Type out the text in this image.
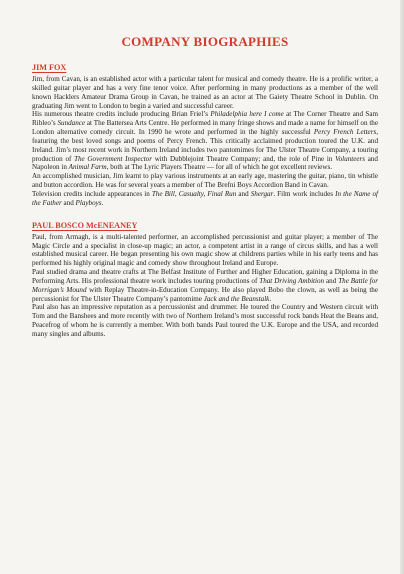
COMPANY BIOGRAPHIES
JIM FOX

Jim, from Cavan, is an established actor with a particular talent for musical and comedy theatre. He is a prolific writer, a skilled guitar player and has a very fine tenor voice. After performing in many productions as a member of the well known Hacklers Amateur Drama Group in Cavan, he trained as an actor at The Gaiety Theatre School in Dublin. On graduating Jim went to London to begin a varied and successful career.

His numerous theatre credits include producing Brian Friel’s Philadelphia here I come at The Corner Theatre and Sam Ribleo’s Sundance at The Battersea Arts Centre. He performed in many fringe shows and made a name for himself on the London alternative comedy circuit. In 1990 he wrote and performed in the highly successful Percy French Letters, featuring the best loved songs and poems of Percy French. This critically acclaimed production toured the U.K. and Ireland. Jim’s most recent work in Northern Ireland includes two pantomimes for The Ulster Theatre Company, a touring production of The Government Inspector with Dubblejoint Theatre Company; and, the role of Pine in Volunteers and Napoleon in Animal Farm, both at The Lyric Players Theatre — for all of which he got excellent reviews.

An accomplished musician, Jim learnt to play various instruments at an early age, mastering the guitar, piano, tin whistle and button accordion. He was for several years a member of The Brefni Boys Accordion Band in Cavan.

Television credits include appearances in The Bill, Casualty, Final Run and Shergar. Film work includes In the Name of the Father and Playboys.

PAUL BOSCO McENEANEY

Paul, from Armagh, is a multi-talented performer, an accomplished percussionist and guitar player; a member of The Magic Circle and a specialist in close-up magic; an actor, a competent artist in a range of circus skills, and has a well established musical career. He began presenting his own magic show at childrens parties while in his early teens and has performed his highly original magic and comedy show throughout Ireland and Europe.

Paul studied drama and theatre crafts at The Belfast Institute of Further and Higher Education, gaining a Diploma in the Performing Arts. His professional theatre work includes touring productions of That Driving Ambition and The Battle for Morrigan’s Mound with Replay Theatre-in-Education Company. He also played Bobo the clown, as well as being the percussionist for The Ulster Theatre Company’s pantomime Jack and the Beanstalk.

Paul also has an impressive reputation as a percussionist and drummer. He toured the Country and Western circuit with Tom and the Banshees and more recently with two of Northern Ireland’s most successful rock bands Heat the Beans and, Peacefrog of whom he is currently a member. With both bands Paul toured the U.K. Europe and the USA, and recorded many singles and albums.
